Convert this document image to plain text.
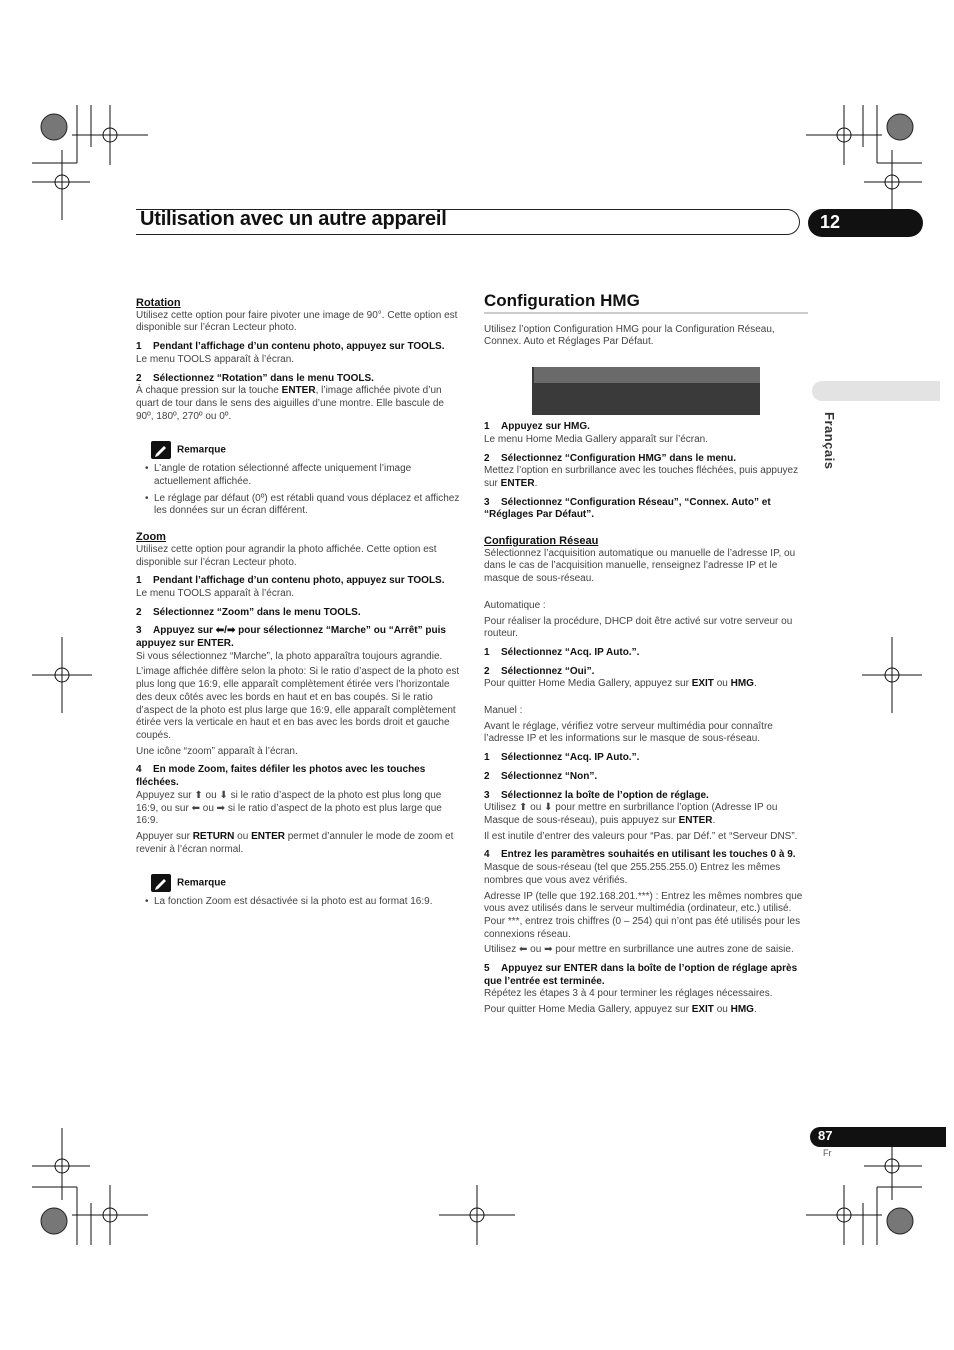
Utilisation avec un autre appareil	12
Français

Rotation

Utilisez cette option pour faire pivoter une image de 90°. Cette option est disponible sur l’écran Lecteur photo.

1 Pendant l’affichage d’un contenu photo, appuyez sur TOOLS.

Le menu TOOLS apparaît à l’écran.

2 Sélectionnez “Rotation” dans le menu TOOLS.

À chaque pression sur la touche ENTER, l’image affichée pivote d’un quart de tour dans le sens des aiguilles d’une montre. Elle bascule de 90º, 180º, 270º ou 0º.

Remarque

• L’angle de rotation sélectionné affecte uniquement l’image actuellement affichée.
• Le réglage par défaut (0º) est rétabli quand vous déplacez et affichez les données sur un écran différent.

Zoom

Utilisez cette option pour agrandir la photo affichée. Cette option est disponible sur l’écran Lecteur photo.

1 Pendant l’affichage d’un contenu photo, appuyez sur TOOLS.

Le menu TOOLS apparaît à l’écran.

2 Sélectionnez “Zoom” dans le menu TOOLS.

3 Appuyez sur ⬅/➡ pour sélectionnez “Marche” ou “Arrêt” puis appuyez sur ENTER.

Si vous sélectionnez “Marche”, la photo apparaîtra toujours agrandie.

L’image affichée diffère selon la photo: Si le ratio d’aspect de la photo est plus long que 16:9, elle apparaît complètement étirée vers l’horizontale des deux côtés avec les bords en haut et en bas coupés. Si le ratio d’aspect de la photo est plus large que 16:9, elle apparaît complètement étirée vers la verticale en haut et en bas avec les bords droit et gauche coupés.

Une icône “zoom” apparaît à l’écran.

4 En mode Zoom, faites défiler les photos avec les touches fléchées.

Appuyez sur ⬆ ou ⬇ si le ratio d’aspect de la photo est plus long que 16:9, ou sur ⬅ ou ➡ si le ratio d’aspect de la photo est plus large que 16:9.

Appuyer sur RETURN ou ENTER permet d’annuler le mode de zoom et revenir à l’écran normal.

Remarque

• La fonction Zoom est désactivée si la photo est au format 16:9.

Configuration HMG

Utilisez l’option Configuration HMG pour la Configuration Réseau, Connex. Auto et Réglages Par Défaut.

1 Appuyez sur HMG.

Le menu Home Media Gallery apparaît sur l’écran.

2 Sélectionnez “Configuration HMG” dans le menu.

Mettez l’option en surbrillance avec les touches fléchées, puis appuyez sur ENTER.

3 Sélectionnez “Configuration Réseau”, “Connex. Auto” et “Réglages Par Défaut”.

Configuration Réseau

Sélectionnez l’acquisition automatique ou manuelle de l’adresse IP, ou dans le cas de l’acquisition manuelle, renseignez l’adresse IP et le masque de sous-réseau.

Automatique :

Pour réaliser la procédure, DHCP doit être activé sur votre serveur ou routeur.

1 Sélectionnez “Acq. IP Auto.”.

2 Sélectionnez “Oui”.

Pour quitter Home Media Gallery, appuyez sur EXIT ou HMG.

Manuel :

Avant le réglage, vérifiez votre serveur multimédia pour connaître l’adresse IP et les informations sur le masque de sous-réseau.

1 Sélectionnez “Acq. IP Auto.”.

2 Sélectionnez “Non”.

3 Sélectionnez la boîte de l’option de réglage.

Utilisez ⬆ ou ⬇ pour mettre en surbrillance l’option (Adresse IP ou Masque de sous-réseau), puis appuyez sur ENTER.

Il est inutile d’entrer des valeurs pour “Pas. par Déf.” et “Serveur DNS”.

4 Entrez les paramètres souhaités en utilisant les touches 0 à 9.

Masque de sous-réseau (tel que 255.255.255.0) Entrez les mêmes nombres que vous avez vérifiés.

Adresse IP (telle que 192.168.201.***) : Entrez les mêmes nombres que vous avez utilisés dans le serveur multimédia (ordinateur, etc.) utilisé. Pour ***, entrez trois chiffres (0 – 254) qui n’ont pas été utilisés pour les connexions réseau.

Utilisez ⬅ ou ➡ pour mettre en surbrillance une autres zone de saisie.

5 Appuyez sur ENTER dans la boîte de l’option de réglage après que l’entrée est terminée.

Répétez les étapes 3 à 4 pour terminer les réglages nécessaires.

Pour quitter Home Media Gallery, appuyez sur EXIT ou HMG.

87
Fr
